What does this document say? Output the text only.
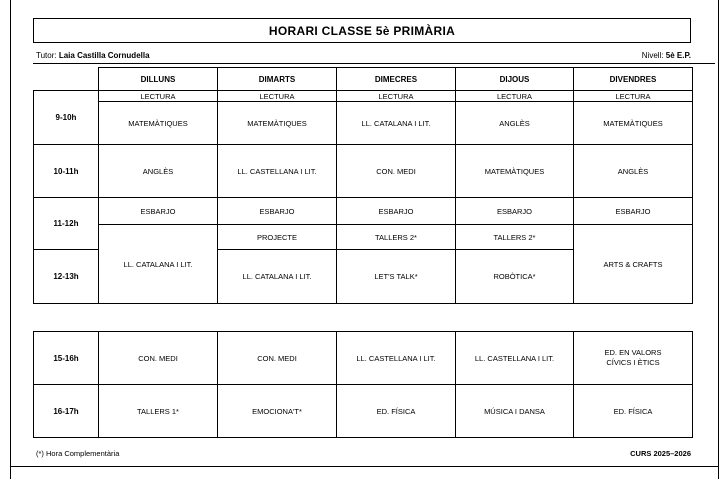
HORARI CLASSE 5è PRIMÀRIA
Tutor: Laia Castilla Cornudella	Nivell: 5è E.P.
	DILLUNS	DIMARTS	DIMECRES	DIJOUS	DIVENDRES
9-10h	LECTURA	LECTURA	LECTURA	LECTURA	LECTURA
	MATEMÀTIQUES	MATEMÀTIQUES	LL. CATALANA I LIT.	ANGLÈS	MATEMÀTIQUES
10-11h	ANGLÈS	LL. CASTELLANA I LIT.	CON. MEDI	MATEMÀTIQUES	ANGLÈS
11-12h	ESBARJO	ESBARJO	ESBARJO	ESBARJO	ESBARJO
	LL. CATALANA I LIT.	PROJECTE	TALLERS 2*	TALLERS 2*	ARTS & CRAFTS
12-13h		LL. CATALANA I LIT.	LET'S TALK*	ROBÒTICA*	
15-16h	CON. MEDI	CON. MEDI	LL. CASTELLANA I LIT.	LL. CASTELLANA I LIT.	ED. EN VALORS
CÍVICS I ÈTICS

16-17h	TALLERS 1*	EMOCIONA'T*	ED. FÍSICA	MÚSICA I DANSA	ED. FÍSICA
(*) Hora Complementària	CURS 2025–2026
